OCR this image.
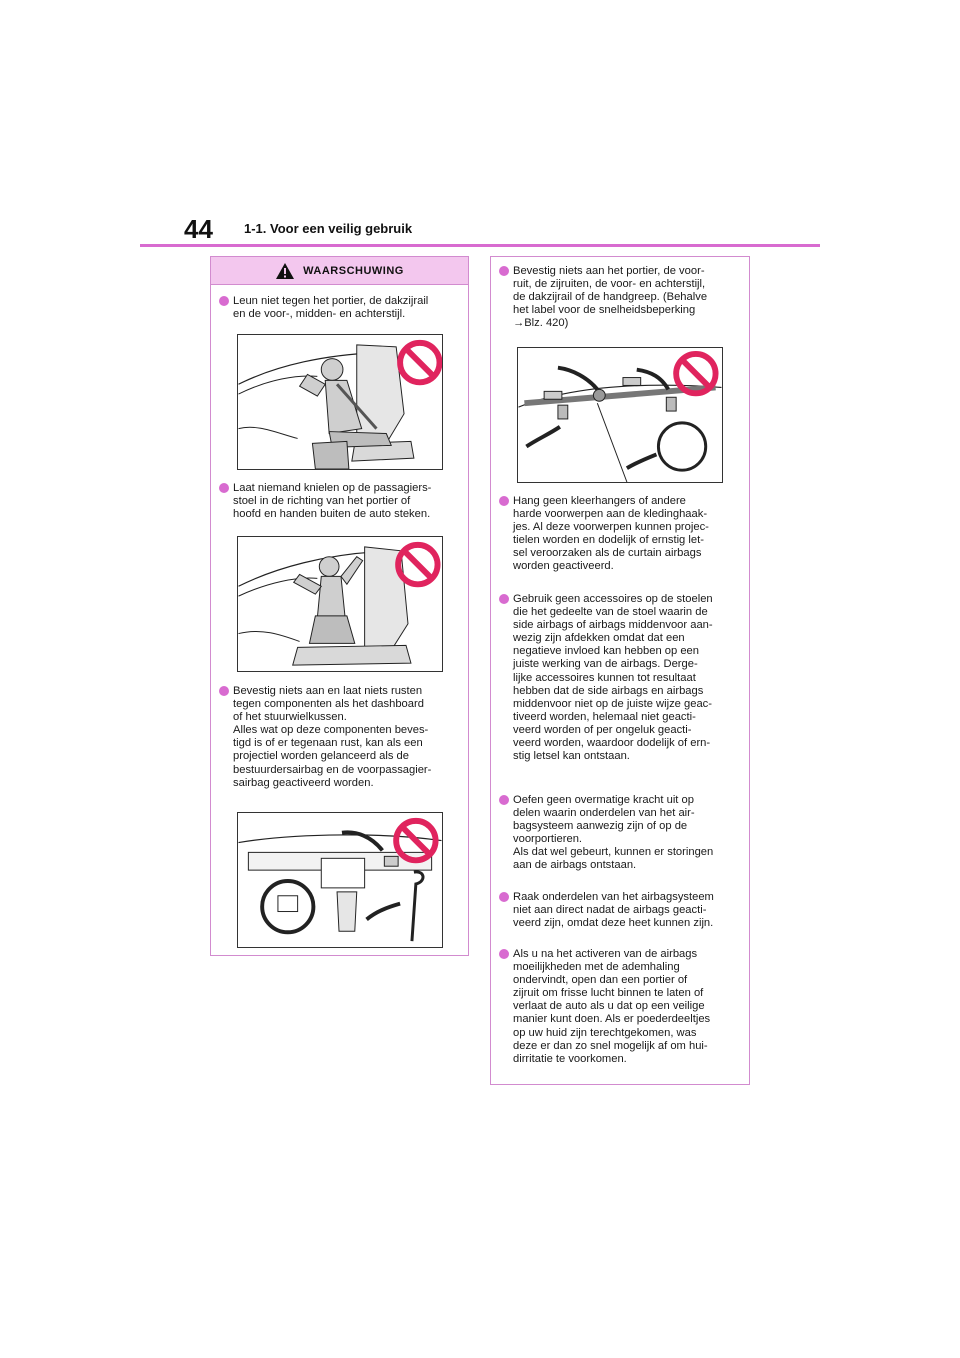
44 1-1. Voor een veilig gebruik
WAARSCHUWING
Leun niet tegen het portier, de dakzijrail
en de voor-, midden- en achterstijl.
Laat niemand knielen op de passagiers-
stoel in de richting van het portier of
hoofd en handen buiten de auto steken.
Bevestig niets aan en laat niets rusten
tegen componenten als het dashboard
of het stuurwielkussen.
Alles wat op deze componenten beves-
tigd is of er tegenaan rust, kan als een
projectiel worden gelanceerd als de
bestuurdersairbag en de voorpassagier-
sairbag geactiveerd worden.
Bevestig niets aan het portier, de voor-
ruit, de zijruiten, de voor- en achterstijl,
de dakzijrail of de handgreep. (Behalve
het label voor de snelheidsbeperking
→Blz. 420)
Hang geen kleerhangers of andere
harde voorwerpen aan de kledinghaak-
jes. Al deze voorwerpen kunnen projec-
tielen worden en dodelijk of ernstig let-
sel veroorzaken als de curtain airbags
worden geactiveerd.
Gebruik geen accessoires op de stoelen
die het gedeelte van de stoel waarin de
side airbags of airbags middenvoor aan-
wezig zijn afdekken omdat dat een
negatieve invloed kan hebben op een
juiste werking van de airbags. Derge-
lijke accessoires kunnen tot resultaat
hebben dat de side airbags en airbags
middenvoor niet op de juiste wijze geac-
tiveerd worden, helemaal niet geacti-
veerd worden of per ongeluk geacti-
veerd worden, waardoor dodelijk of ern-
stig letsel kan ontstaan.
Oefen geen overmatige kracht uit op
delen waarin onderdelen van het air-
bagsysteem aanwezig zijn of op de
voorportieren.
Als dat wel gebeurt, kunnen er storingen
aan de airbags ontstaan.
Raak onderdelen van het airbagsysteem
niet aan direct nadat de airbags geacti-
veerd zijn, omdat deze heet kunnen zijn.
Als u na het activeren van de airbags
moeilijkheden met de ademhaling
ondervindt, open dan een portier of
zijruit om frisse lucht binnen te laten of
verlaat de auto als u dat op een veilige
manier kunt doen. Als er poederdeeltjes
op uw huid zijn terechtgekomen, was
deze er dan zo snel mogelijk af om hui-
dirritatie te voorkomen.
